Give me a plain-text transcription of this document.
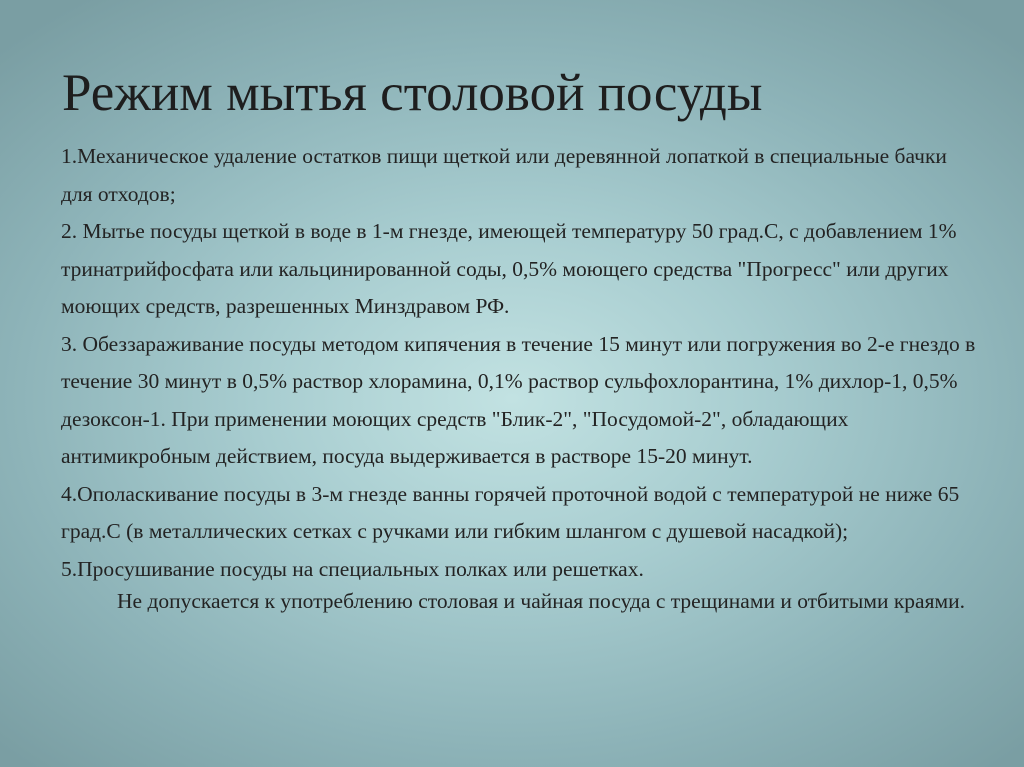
Режим мытья столовой посуды

1.Механическое удаление остатков пищи щеткой или деревянной лопаткой в специальные бачки для отходов;

2. Мытье посуды щеткой в воде в 1-м гнезде, имеющей температуру 50 град.С, с добавлением 1% тринатрийфосфата или кальцинированной соды, 0,5% моющего средства "Прогресс" или других моющих средств, разрешенных Минздравом РФ.

3. Обеззараживание посуды методом кипячения в течение 15 минут или погружения во 2-е гнездо в течение 30 минут в 0,5% раствор хлорамина, 0,1% раствор сульфохлорантина, 1% дихлор-1, 0,5% дезоксон-1. При применении моющих средств "Блик-2", "Посудомой-2", обладающих антимикробным действием, посуда выдерживается в растворе 15-20 минут.

4.Ополаскивание посуды в 3-м гнезде ванны горячей проточной водой с температурой не ниже 65 град.С (в металлических сетках с ручками или гибким шлангом с душевой насадкой);

5.Просушивание посуды на специальных полках или решетках.

Не допускается к употреблению столовая и чайная посуда с трещинами и отбитыми краями.
